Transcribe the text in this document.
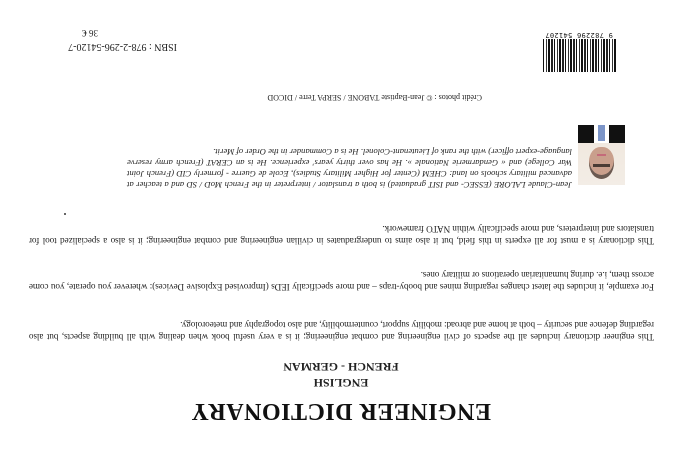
ENGINEER DICTIONARY
ENGLISH
FRENCH - GERMAN
This engineer dictionary includes all the aspects of civil engineering and combat engineering; it is a very useful book when dealing with all building aspects, but also regarding defence and security – both at home and abroad: mobility support, countermobility, and also topography and meteorology.
For example, it includes the latest changes regarding mines and booby-traps – and more specifically IEDs (Improvised Explosive Devices): wherever you operate, you come across them, i.e. during humanitarian operations or military ones.
This dictionary is a must for all experts in this field, but it also aims to undergraduates in civilian engineering and combat engineering; it is also a specialized tool for translators and interpreters, and more specifically within NATO framework.
Jean-Claude LALORE (ESSEC- and ISIT graduated) is both a translator / interpreter in the French MoD / SD and a teacher at advanced military schools on land: CHEM (Center for Higher Military Studies), Ecole de Guerre - formerly CID (French Joint War College) and « Gendarmerie Nationale ». He has over thirty years' experience. He is an CERAT (French army reserve language-expert officer) with the rank of Lieutenant-Colonel. He is a Commander in the Order of Merit.
Crédit photos : © Jean-Baptiste TABONE / SERPA Terre / DICOD
9 782296 541207
ISBN : 978-2-296-54120-7
36 €
